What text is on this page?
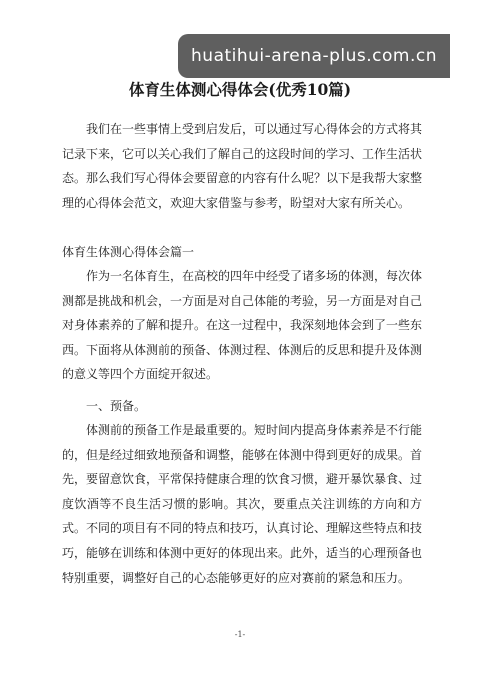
huatihui-arena-plus.com.cn
体育生体测心得体会(优秀10篇)

我们在一些事情上受到启发后，可以通过写心得体会的方式将其记录下来，它可以关心我们了解自己的这段时间的学习、工作生活状态。那么我们写心得体会要留意的内容有什么呢？以下是我帮大家整理的心得体会范文，欢迎大家借鉴与参考，盼望对大家有所关心。

体育生体测心得体会篇一

作为一名体育生，在高校的四年中经受了诸多场的体测，每次体测都是挑战和机会，一方面是对自己体能的考验，另一方面是对自己对身体素养的了解和提升。在这一过程中，我深刻地体会到了一些东西。下面将从体测前的预备、体测过程、体测后的反思和提升及体测的意义等四个方面绽开叙述。

一、预备。

体测前的预备工作是最重要的。短时间内提高身体素养是不行能的，但是经过细致地预备和调整，能够在体测中得到更好的成果。首先，要留意饮食，平常保持健康合理的饮食习惯，避开暴饮暴食、过度饮酒等不良生活习惯的影响。其次，要重点关注训练的方向和方式。不同的项目有不同的特点和技巧，认真讨论、理解这些特点和技巧，能够在训练和体测中更好的体现出来。此外，适当的心理预备也特别重要，调整好自己的心态能够更好的应对赛前的紧急和压力。

-1-
